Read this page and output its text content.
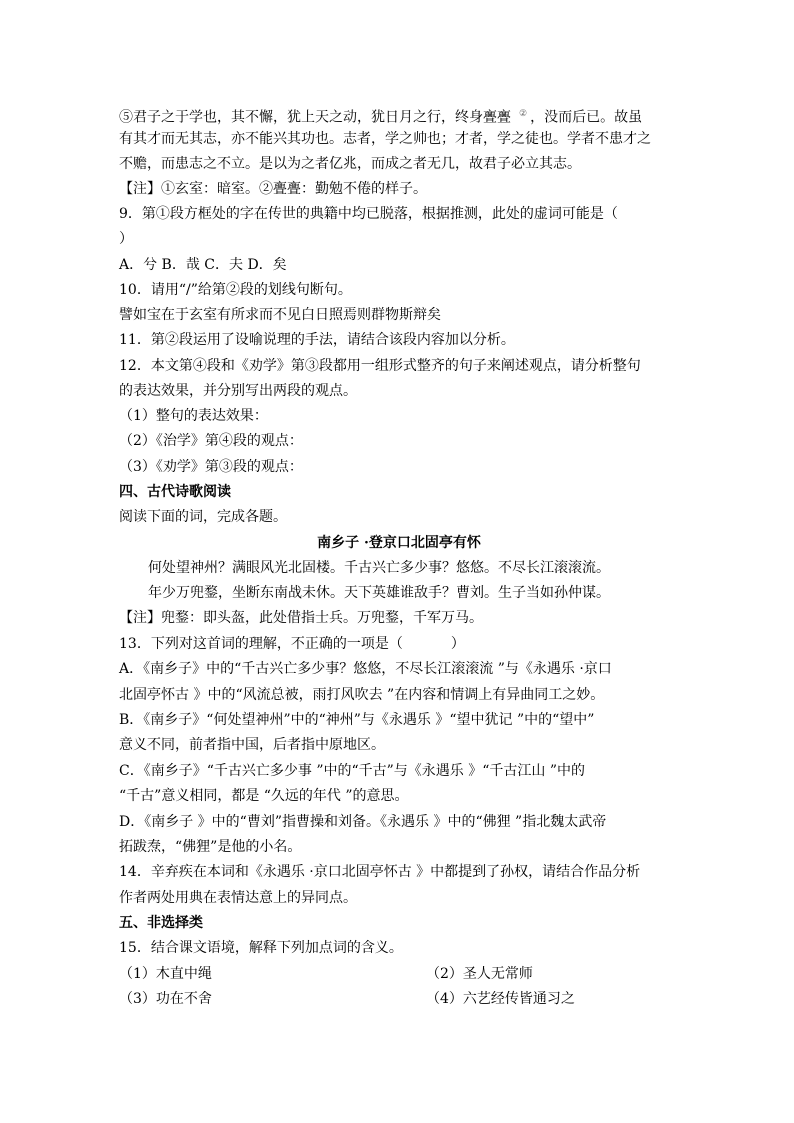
⑤君子之于学也，其不懈，犹上天之动，犹日月之行，终身亹亹 ② ，没而后已。故虽
有其才而无其志，亦不能兴其功也。志者，学之帅也；才者，学之徒也。学者不患才之
不赡，而患志之不立。是以为之者亿兆，而成之者无几，故君子必立其志。
【注】①玄室：暗室。②亹亹：勤勉不倦的样子。
9．第①段方框处的字在传世的典籍中均已脱落，根据推测，此处的虚词可能是（
）
A．兮 B．哉 C．夫 D．矣
10．请用“/”给第②段的划线句断句。
譬如宝在于玄室有所求而不见白日照焉则群物斯辩矣
11．第②段运用了设喻说理的手法，请结合该段内容加以分析。
12．本文第④段和《劝学》第③段都用一组形式整齐的句子来阐述观点，请分析整句
的表达效果，并分别写出两段的观点。
（1）整句的表达效果：
（2）《治学》第④段的观点：
（3）《劝学》第③段的观点：
四、古代诗歌阅读
阅读下面的词，完成各题。
南乡子 ·登京口北固亭有怀
何处望神州？满眼风光北固楼。千古兴亡多少事？悠悠。不尽长江滚滚流。
年少万兜鍪，坐断东南战未休。天下英雄谁敌手？曹刘。生子当如孙仲谋。
【注】兜鍪：即头盔，此处借指士兵。万兜鍪，千军万马。
13．下列对这首词的理解，不正确的一项是（	）
A．《南乡子》中的“千古兴亡多少事？悠悠，不尽长江滚滚流 ”与《永遇乐 ·京口
北固亭怀古 》中的“风流总被，雨打风吹去 ”在内容和情调上有异曲同工之妙。
B．《南乡子》“何处望神州”中的“神州”与《永遇乐 》“望中犹记 ”中的“望中”
意义不同，前者指中国，后者指中原地区。
C．《南乡子》“千古兴亡多少事 ”中的“千古”与《永遇乐 》“千古江山 ”中的
“千古”意义相同，都是 “久远的年代 ”的意思。
D．《南乡子 》中的“曹刘”指曹操和刘备。《永遇乐 》中的“佛狸 ”指北魏太武帝
拓跋焘，“佛狸”是他的小名。
14．辛弃疾在本词和《永遇乐 ·京口北固亭怀古 》中都提到了孙权，请结合作品分析
作者两处用典在表情达意上的异同点。
五、非选择类
15．结合课文语境，解释下列加点词的含义。
（1）木直中绳	（2）圣人无常师
（3）功在不舍	（4）六艺经传皆通习之
